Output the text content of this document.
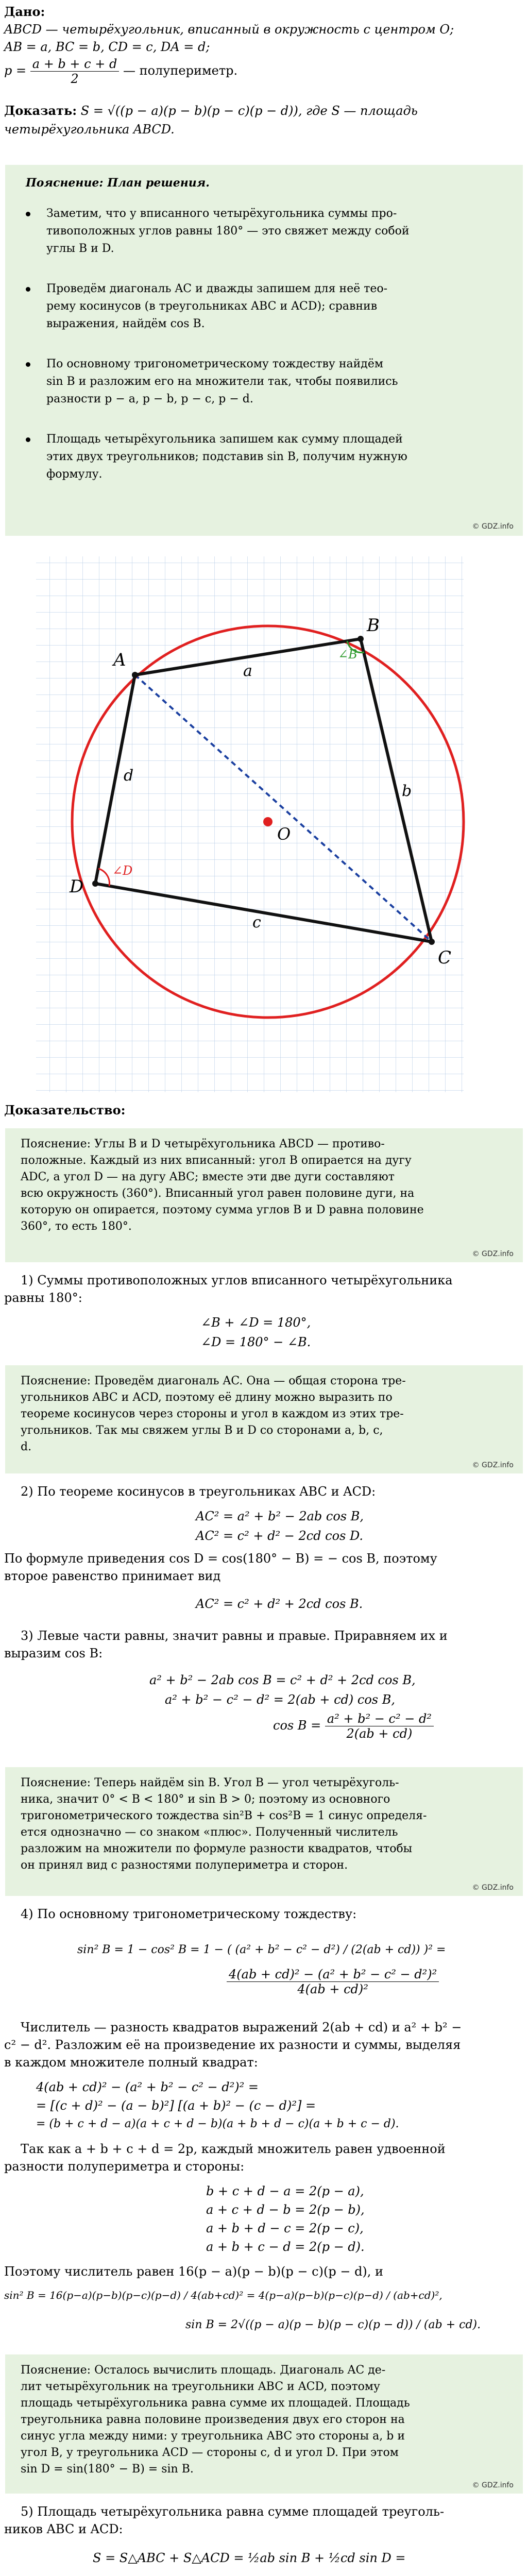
Дано:
ABCD — четырёхугольник, вписанный в окружность с центром O;
AB = a, BC = b, CD = c, DA = d;
$p = \frac{a + b + c + d}{2}$ — полупериметр.
Доказать: S = √((p − a)(p − b)(p − c)(p − d)), где S — площадь
четырёхугольника ABCD.
Пояснение: План решения.
© GDZ.info
Заметим, что у вписанного четырёхугольника суммы про-
тивоположных углов равны 180° — это свяжет между собой
углы B и D.
Проведём диагональ AC и дважды запишем для неё тео-
рему косинусов (в треугольниках ABC и ACD); сравнив
выражения, найдём cos B.
По основному тригонометрическому тождеству найдём
sin B и разложим его на множители так, чтобы появились
разности p − a, p − b, p − c, p − d.
Площадь четырёхугольника запишем как сумму площадей
этих двух треугольников; подставив sin B, получим нужную
формулу.
A
B
C
D
O
a
b
c
d
∠B
∠D
Доказательство:
© GDZ.info
Пояснение: Углы B и D четырёхугольника ABCD — противо-
положные. Каждый из них вписанный: угол B опирается на дугу
ADC, а угол D — на дугу ABC; вместе эти две дуги составляют
всю окружность (360°). Вписанный угол равен половине дуги, на
которую он опирается, поэтому сумма углов B и D равна половине
360°, то есть 180°.
1) Суммы противоположных углов вписанного четырёхугольника
равны 180°:
∠B + ∠D = 180°,
∠D = 180° − ∠B.
© GDZ.info
Пояснение: Проведём диагональ AC. Она — общая сторона тре-
угольников ABC и ACD, поэтому её длину можно выразить по
теореме косинусов через стороны и угол в каждом из этих тре-
угольников. Так мы свяжем углы B и D со сторонами a, b, c,
d.
2) По теореме косинусов в треугольниках ABC и ACD:
AC² = a² + b² − 2ab cos B,
AC² = c² + d² − 2cd cos D.
По формуле приведения cos D = cos(180° − B) = − cos B, поэтому
второе равенство принимает вид
AC² = c² + d² + 2cd cos B.
3) Левые части равны, значит равны и правые. Приравняем их и
выразим cos B:
a² + b² − 2ab cos B = c² + d² + 2cd cos B,
a² + b² − c² − d² = 2(ab + cd) cos B,
$\cos B = \frac{\text{a² + b² − c² − d²}}{2(ab + cd)}$
© GDZ.info
Пояснение: Теперь найдём sin B. Угол B — угол четырёхуголь-
ника, значит 0° < B < 180° и sin B > 0; поэтому из основного
тригонометрического тождества sin²B + cos²B = 1 синус определя-
ется однозначно — со знаком «плюс». Полученный числитель
разложим на множители по формуле разности квадратов, чтобы
он принял вид с разностями полупериметра и сторон.
4) По основному тригонометрическому тождеству:
sin² B = 1 − cos² B = 1 − ( (a² + b² − c² − d²) / (2(ab + cd)) )² =
$\frac{\text{4(ab + cd)² − (a² + b² − c² − d²)²}}{\text{4(ab + cd)²}}$
Числитель — разность квадратов выражений 2(ab + cd) и a² + b² −
c² − d². Разложим её на произведение их разности и суммы, выделяя
в каждом множителе полный квадрат:
4(ab + cd)² − (a² + b² − c² − d²)² =
= [(c + d)² − (a − b)²] [(a + b)² − (c − d)²] =
= (b + c + d − a)(a + c + d − b)(a + b + d − c)(a + b + c − d).
Так как a + b + c + d = 2p, каждый множитель равен удвоенной
разности полупериметра и стороны:
b + c + d − a = 2(p − a),
a + c + d − b = 2(p − b),
a + b + d − c = 2(p − c),
a + b + c − d = 2(p − d).
Поэтому числитель равен 16(p − a)(p − b)(p − c)(p − d), и
sin² B = 16(p−a)(p−b)(p−c)(p−d) / 4(ab+cd)² = 4(p−a)(p−b)(p−c)(p−d) / (ab+cd)²,
sin B = 2√((p − a)(p − b)(p − c)(p − d)) / (ab + cd).
© GDZ.info
Пояснение: Осталось вычислить площадь. Диагональ AC де-
лит четырёхугольник на треугольники ABC и ACD, поэтому
площадь четырёхугольника равна сумме их площадей. Площадь
треугольника равна половине произведения двух его сторон на
синус угла между ними: у треугольника ABC это стороны a, b и
угол B, у треугольника ACD — стороны c, d и угол D. При этом
sin D = sin(180° − B) = sin B.
5) Площадь четырёхугольника равна сумме площадей треуголь-
ников ABC и ACD:
S = S△ABC + S△ACD = ½ab sin B + ½cd sin D =
